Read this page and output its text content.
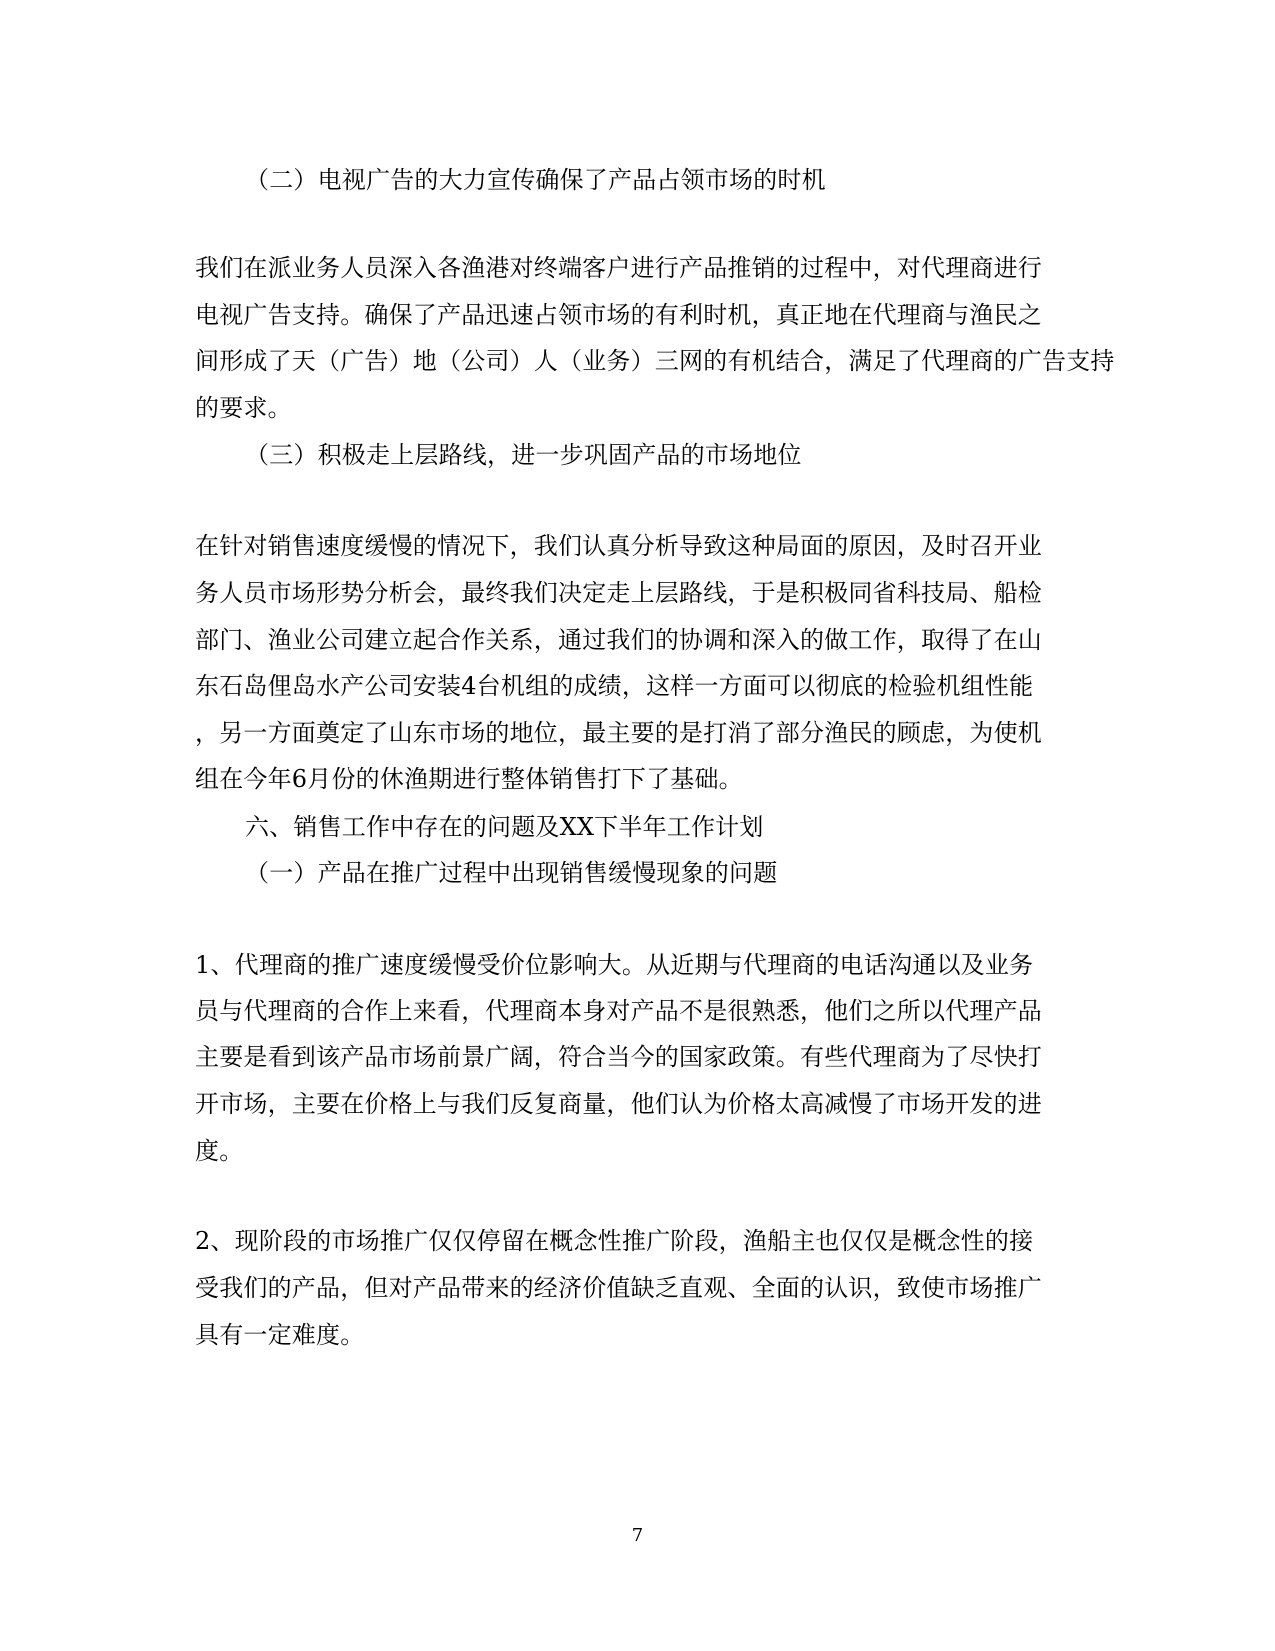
（二）电视广告的大力宣传确保了产品占领市场的时机
我们在派业务人员深入各渔港对终端客户进行产品推销的过程中，对代理商进行
电视广告支持。确保了产品迅速占领市场的有利时机，真正地在代理商与渔民之
间形成了天（广告）地（公司）人（业务）三网的有机结合，满足了代理商的广告支持
的要求。
（三）积极走上层路线，进一步巩固产品的市场地位
在针对销售速度缓慢的情况下，我们认真分析导致这种局面的原因，及时召开业
务人员市场形势分析会，最终我们决定走上层路线，于是积极同省科技局、船检
部门、渔业公司建立起合作关系，通过我们的协调和深入的做工作，取得了在山
东石岛俚岛水产公司安装4台机组的成绩，这样一方面可以彻底的检验机组性能
，另一方面奠定了山东市场的地位，最主要的是打消了部分渔民的顾虑，为使机
组在今年6月份的休渔期进行整体销售打下了基础。
六、销售工作中存在的问题及XX下半年工作计划
（一）产品在推广过程中出现销售缓慢现象的问题
1、代理商的推广速度缓慢受价位影响大。从近期与代理商的电话沟通以及业务
员与代理商的合作上来看，代理商本身对产品不是很熟悉，他们之所以代理产品
主要是看到该产品市场前景广阔，符合当今的国家政策。有些代理商为了尽快打
开市场，主要在价格上与我们反复商量，他们认为价格太高减慢了市场开发的进
度。
2、现阶段的市场推广仅仅停留在概念性推广阶段，渔船主也仅仅是概念性的接
受我们的产品，但对产品带来的经济价值缺乏直观、全面的认识，致使市场推广
具有一定难度。
7
